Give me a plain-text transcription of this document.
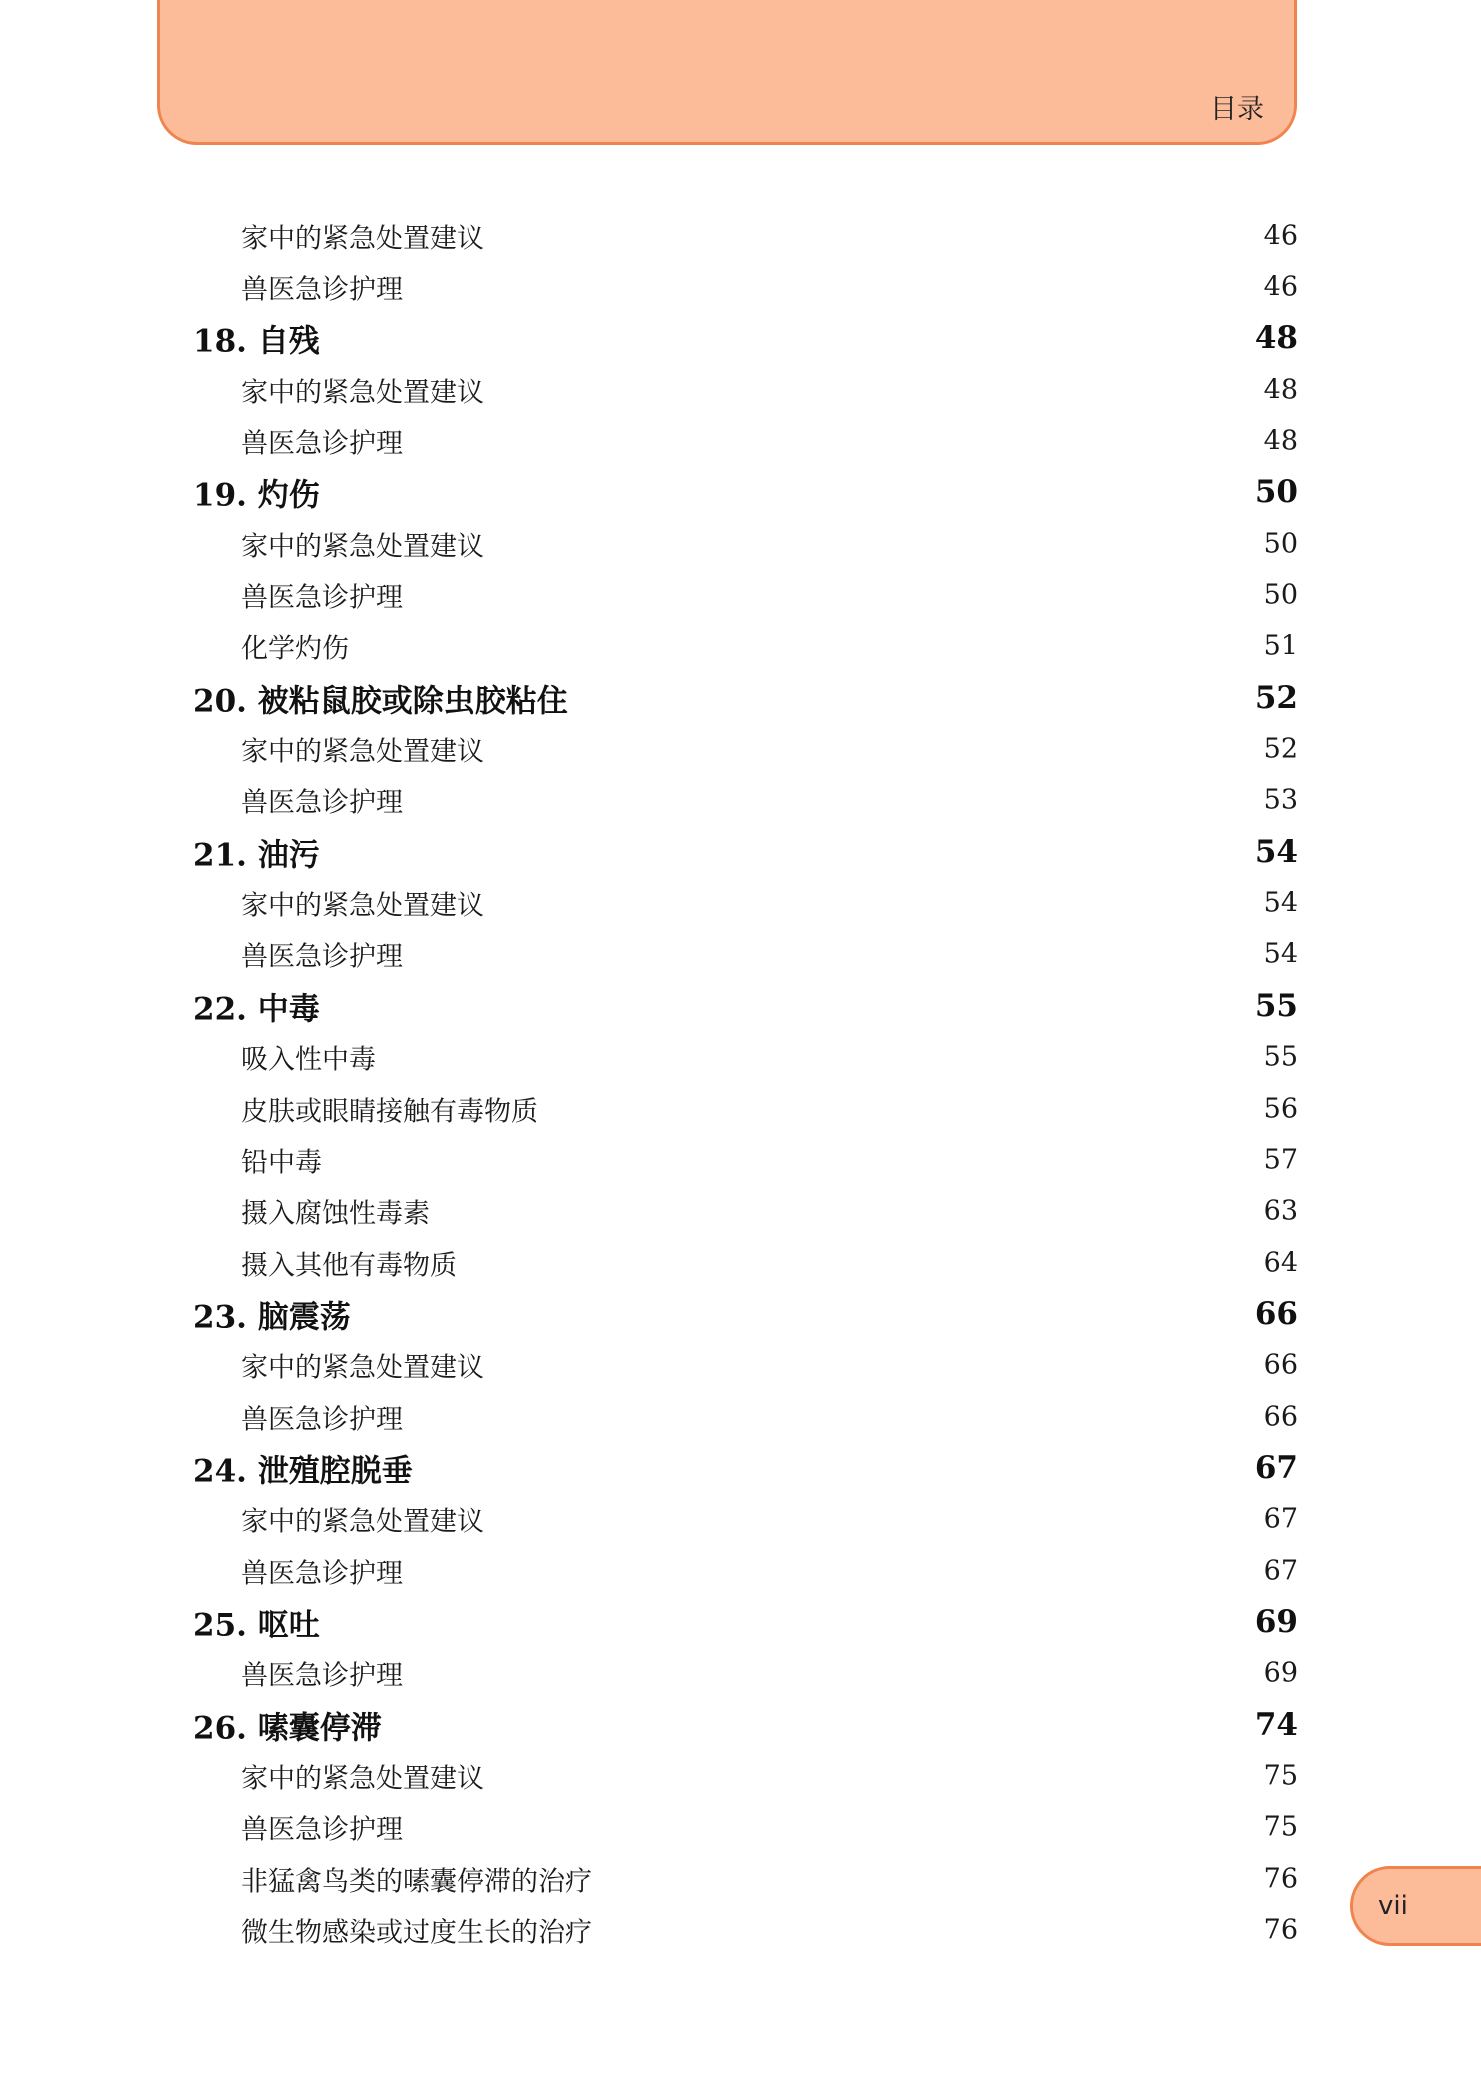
目录
家中的紧急处置建议	46
兽医急诊护理	46
18. 自残	48
家中的紧急处置建议	48
兽医急诊护理	48
19. 灼伤	50
家中的紧急处置建议	50
兽医急诊护理	50
化学灼伤	51
20. 被粘鼠胶或除虫胶粘住	52
家中的紧急处置建议	52
兽医急诊护理	53
21. 油污	54
家中的紧急处置建议	54
兽医急诊护理	54
22. 中毒	55
吸入性中毒	55
皮肤或眼睛接触有毒物质	56
铅中毒	57
摄入腐蚀性毒素	63
摄入其他有毒物质	64
23. 脑震荡	66
家中的紧急处置建议	66
兽医急诊护理	66
24. 泄殖腔脱垂	67
家中的紧急处置建议	67
兽医急诊护理	67
25. 呕吐	69
兽医急诊护理	69
26. 嗉囊停滞	74
家中的紧急处置建议	75
兽医急诊护理	75
非猛禽鸟类的嗉囊停滞的治疗	76
微生物感染或过度生长的治疗	76
vii
